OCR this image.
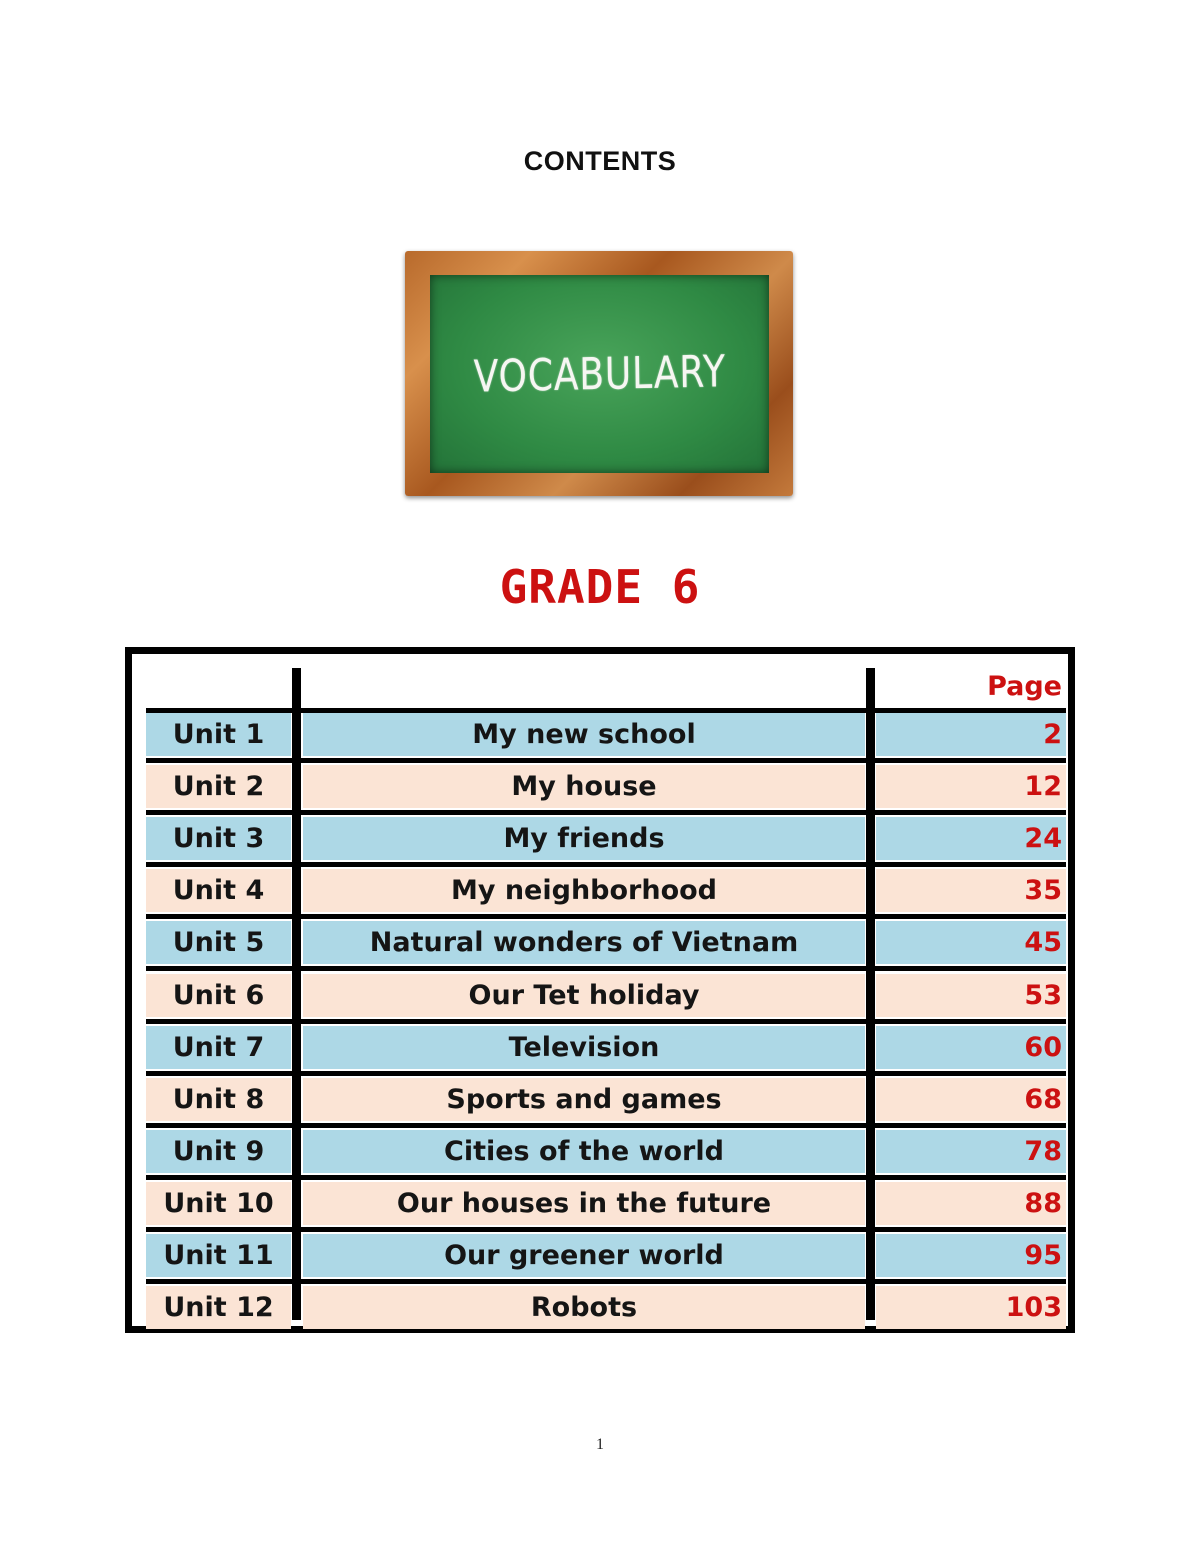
CONTENTS
VOCABULARY
GRADE 6
Page
Unit 1	My new school	2
Unit 2	My house	12
Unit 3	My friends	24
Unit 4	My neighborhood	35
Unit 5	Natural wonders of Vietnam	45
Unit 6	Our Tet holiday	53
Unit 7	Television	60
Unit 8	Sports and games	68
Unit 9	Cities of the world	78
Unit 10	Our houses in the future	88
Unit 11	Our greener world	95
Unit 12	Robots	103
1
